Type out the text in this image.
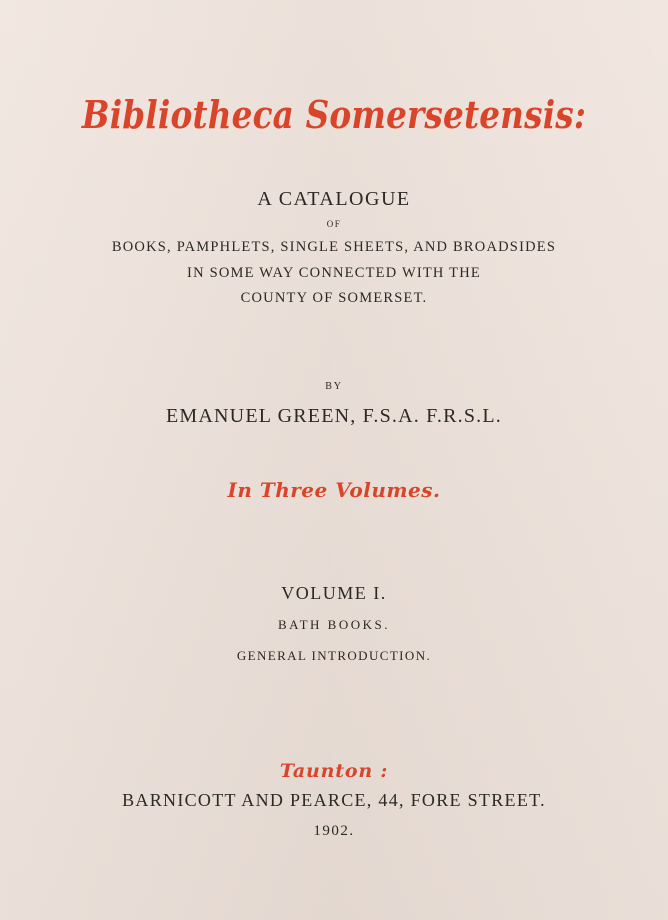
Bibliotheca Somersetensis:
A CATALOGUE
OF
BOOKS, PAMPHLETS, SINGLE SHEETS, AND BROADSIDES
IN SOME WAY CONNECTED WITH THE
COUNTY OF SOMERSET.
BY
EMANUEL GREEN, F.S.A. F.R.S.L.
In Three Volumes.
VOLUME I.
BATH BOOKS.
GENERAL INTRODUCTION.
Taunton :
BARNICOTT AND PEARCE, 44, FORE STREET.
1902.
